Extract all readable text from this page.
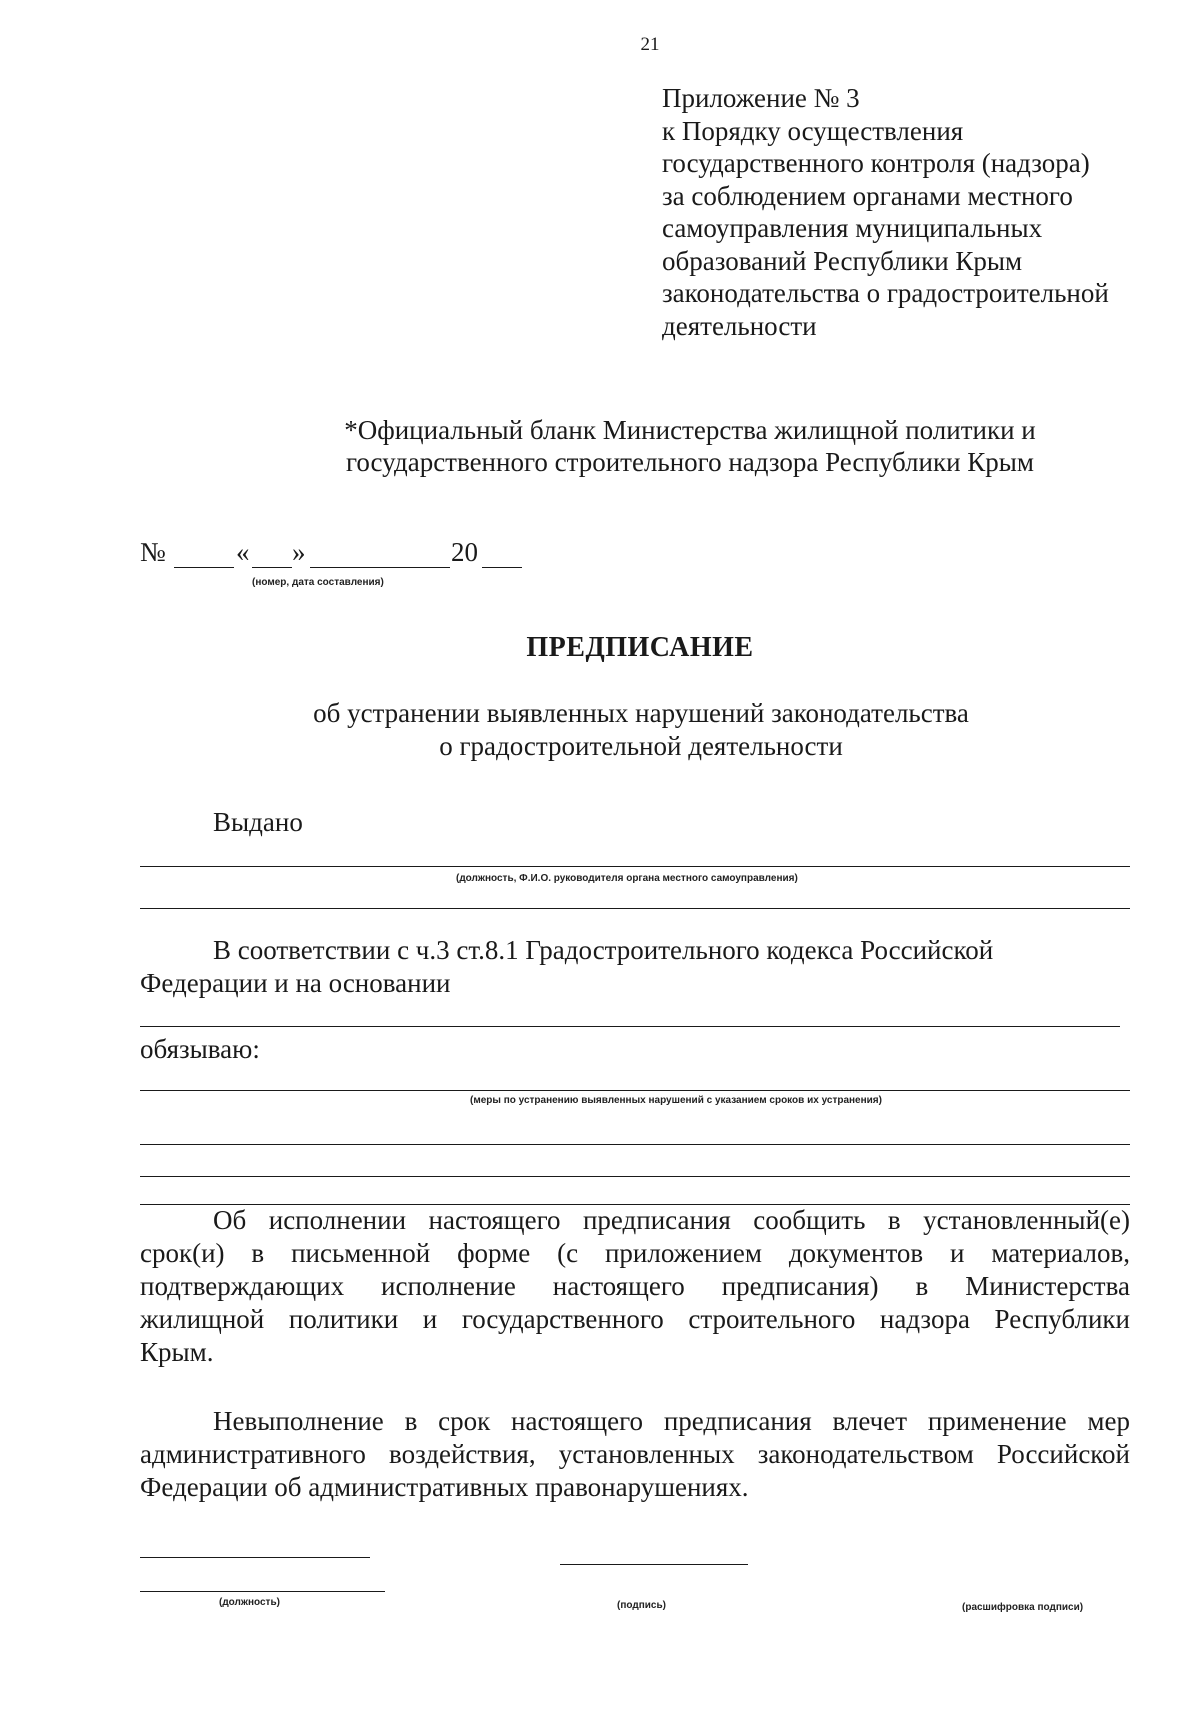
21
Приложение № 3
к Порядку осуществления
государственного контроля (надзора)
за соблюдением органами местного
самоуправления муниципальных
образований Республики Крым
законодательства о градостроительной
деятельности
*Официальный бланк Министерства жилищной политики и
государственного строительного надзора Республики Крым
№	« »	20
(номер, дата составления)
ПРЕДПИСАНИЕ
об устранении выявленных нарушений законодательства
о градостроительной деятельности
Выдано
(должность, Ф.И.О. руководителя органа местного самоуправления)
В соответствии с ч.3 ст.8.1 Градостроительного кодекса Российской
Федерации и на основании
обязываю:
(меры по устранению выявленных нарушений с указанием сроков их устранения)
Об исполнении настоящего предписания сообщить в установленный(е)
срок(и) в письменной форме (с приложением документов и материалов,
подтверждающих исполнение настоящего предписания) в Министерства
жилищной политики и государственного строительного надзора Республики
Крым.
Невыполнение в срок настоящего предписания влечет применение мер
административного воздействия, установленных законодательством Российской
Федерации об административных правонарушениях.
(должность)	(подпись)	(расшифровка подписи)
